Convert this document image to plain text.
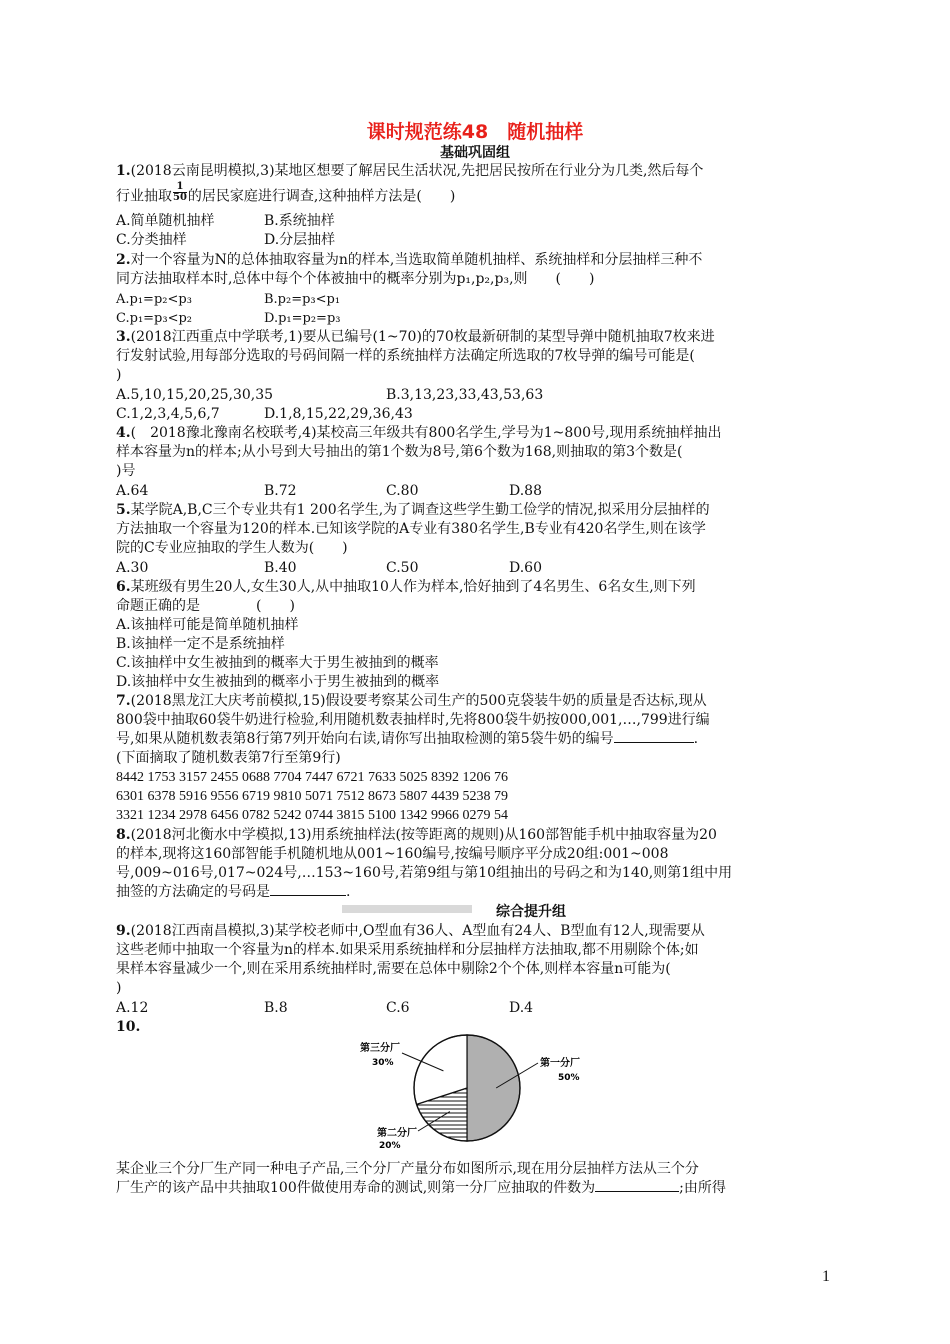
课时规范练48　随机抽样
基础巩固组
1.(2018云南昆明模拟,3)某地区想要了解居民生活状况,先把居民按所在行业分为几类,然后每个
行业抽取 $\frac{1}{50}$ 的居民家庭进行调查,这种抽样方法是(　　)
A.简单随机抽样	B.系统抽样
C.分类抽样	D.分层抽样
2.对一个容量为N的总体抽取容量为n的样本,当选取简单随机抽样、系统抽样和分层抽样三种不
同方法抽取样本时,总体中每个个体被抽中的概率分别为p₁,p₂,p₃,则　　(　　)
A.p₁=p₂<p₃	B.p₂=p₃<p₁
C.p₁=p₃<p₂	D.p₁=p₂=p₃
3.(2018江西重点中学联考,1)要从已编号(1~70)的70枚最新研制的某型导弹中随机抽取7枚来进
行发射试验,用每部分选取的号码间隔一样的系统抽样方法确定所选取的7枚导弹的编号可能是(
)
A.5,10,15,20,25,30,35	B.3,13,23,33,43,53,63
C.1,2,3,4,5,6,7	D.1,8,15,22,29,36,43
4.(　2018豫北豫南名校联考,4)某校高三年级共有800名学生,学号为1~800号,现用系统抽样抽出
样本容量为n的样本;从小号到大号抽出的第1个数为8号,第6个数为168,则抽取的第3个数是(
)号
A.64	B.72	C.80	D.88
5.某学院A,B,C三个专业共有1 200名学生,为了调查这些学生勤工俭学的情况,拟采用分层抽样的
方法抽取一个容量为120的样本.已知该学院的A专业有380名学生,B专业有420名学生,则在该学
院的C专业应抽取的学生人数为(　　)
A.30	B.40	C.50	D.60
6.某班级有男生20人,女生30人,从中抽取10人作为样本,恰好抽到了4名男生、6名女生,则下列
命题正确的是　　　　(　　)
A.该抽样可能是简单随机抽样
B.该抽样一定不是系统抽样
C.该抽样中女生被抽到的概率大于男生被抽到的概率
D.该抽样中女生被抽到的概率小于男生被抽到的概率
7.(2018黑龙江大庆考前模拟,15)假设要考察某公司生产的500克袋装牛奶的质量是否达标,现从
800袋中抽取60袋牛奶进行检验,利用随机数表抽样时,先将800袋牛奶按000,001,…,799进行编
号,如果从随机数表第8行第7列开始向右读,请你写出抽取检测的第5袋牛奶的编号	.
(下面摘取了随机数表第7行至第9行)
8442 1753 3157 2455 0688 7704 7447 6721 7633 5025 8392 1206 76
6301 6378 5916 9556 6719 9810 5071 7512 8673 5807 4439 5238 79
3321 1234 2978 6456 0782 5242 0744 3815 5100 1342 9966 0279 54
8.(2018河北衡水中学模拟,13)用系统抽样法(按等距离的规则)从160部智能手机中抽取容量为20
的样本,现将这160部智能手机随机地从001~160编号,按编号顺序平分成20组:001~008
号,009~016号,017~024号,…153~160号,若第9组与第10组抽出的号码之和为140,则第1组中用
抽签的方法确定的号码是	.
综合提升组
9.(2018江西南昌模拟,3)某学校老师中,O型血有36人、A型血有24人、B型血有12人,现需要从
这些老师中抽取一个容量为n的样本.如果采用系统抽样和分层抽样方法抽取,都不用剔除个体;如
果样本容量减少一个,则在采用系统抽样时,需要在总体中剔除2个个体,则样本容量n可能为(
)
A.12	B.8	C.6	D.4
10.
第三分厂
30%	第一分厂
50%
第二分厂
20%
某企业三个分厂生产同一种电子产品,三个分厂产量分布如图所示,现在用分层抽样方法从三个分
厂生产的该产品中共抽取100件做使用寿命的测试,则第一分厂应抽取的件数为	;由所得
1
